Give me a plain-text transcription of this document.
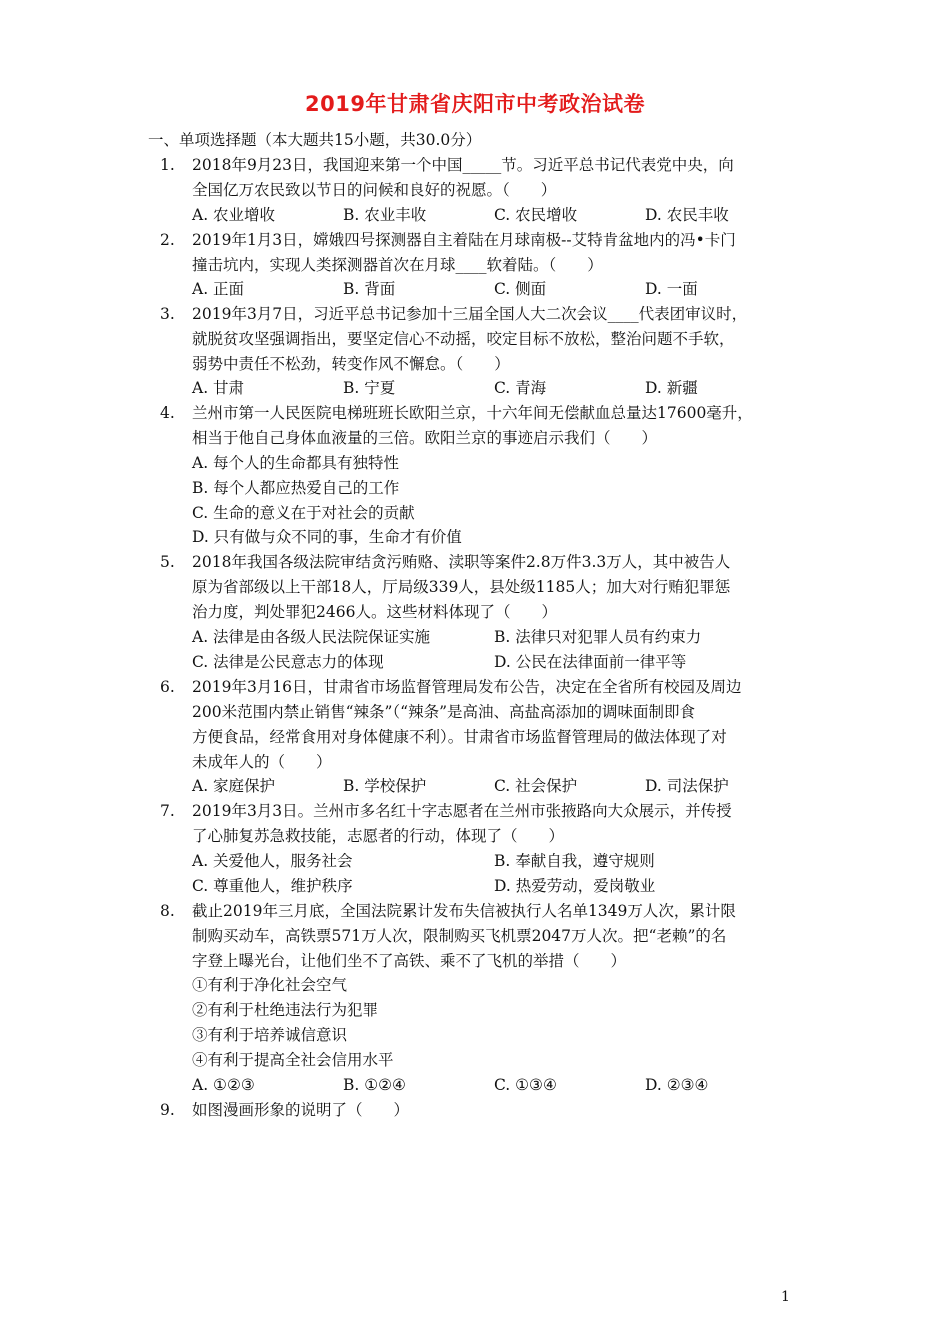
2019年甘肃省庆阳市中考政治试卷
一、单项选择题（本大题共15小题，共30.0分）
1. 2018年9月23日，我国迎来第一个中国_____节。习近平总书记代表党中央，向
全国亿万农民致以节日的问候和良好的祝愿。（　　）
A. 农业增收	B. 农业丰收	C. 农民增收	D. 农民丰收
2. 2019年1月3日，嫦娥四号探测器自主着陆在月球南极--艾特肯盆地内的冯•卡门
撞击坑内，实现人类探测器首次在月球____软着陆。（　　）
A. 正面	B. 背面	C. 侧面	D. 一面
3. 2019年3月7日，习近平总书记参加十三届全国人大二次会议____代表团审议时，
就脱贫攻坚强调指出，要坚定信心不动摇，咬定目标不放松，整治问题不手软，
弱势中责任不松劲，转变作风不懈怠。（　　）
A. 甘肃	B. 宁夏	C. 青海	D. 新疆
4. 兰州市第一人民医院电梯班班长欧阳兰京，十六年间无偿献血总量达17600毫升，
相当于他自己身体血液量的三倍。欧阳兰京的事迹启示我们（　　）
A. 每个人的生命都具有独特性
B. 每个人都应热爱自己的工作
C. 生命的意义在于对社会的贡献
D. 只有做与众不同的事，生命才有价值
5. 2018年我国各级法院审结贪污贿赂、渎职等案件2.8万件3.3万人，其中被告人
原为省部级以上干部18人，厅局级339人，县处级1185人；加大对行贿犯罪惩
治力度，判处罪犯2466人。这些材料体现了（　　）
A. 法律是由各级人民法院保证实施	B. 法律只对犯罪人员有约束力
C. 法律是公民意志力的体现	D. 公民在法律面前一律平等
6. 2019年3月16日，甘肃省市场监督管理局发布公告，决定在全省所有校园及周边
200米范围内禁止销售“辣条”（“辣条”是高油、高盐高添加的调味面制即食
方便食品，经常食用对身体健康不利）。甘肃省市场监督管理局的做法体现了对
未成年人的（　　）
A. 家庭保护	B. 学校保护	C. 社会保护	D. 司法保护
7. 2019年3月3日。兰州市多名红十字志愿者在兰州市张掖路向大众展示，并传授
了心肺复苏急救技能，志愿者的行动，体现了（　　）
A. 关爱他人，服务社会	B. 奉献自我，遵守规则
C. 尊重他人，维护秩序	D. 热爱劳动，爱岗敬业
8. 截止2019年三月底，全国法院累计发布失信被执行人名单1349万人次，累计限
制购买动车，高铁票571万人次，限制购买飞机票2047万人次。把“老赖”的名
字登上曝光台，让他们坐不了高铁、乘不了飞机的举措（　　）
①有利于净化社会空气
②有利于杜绝违法行为犯罪
③有利于培养诚信意识
④有利于提高全社会信用水平
A. ①②③	B. ①②④	C. ①③④	D. ②③④
9. 如图漫画形象的说明了（　　）
1
